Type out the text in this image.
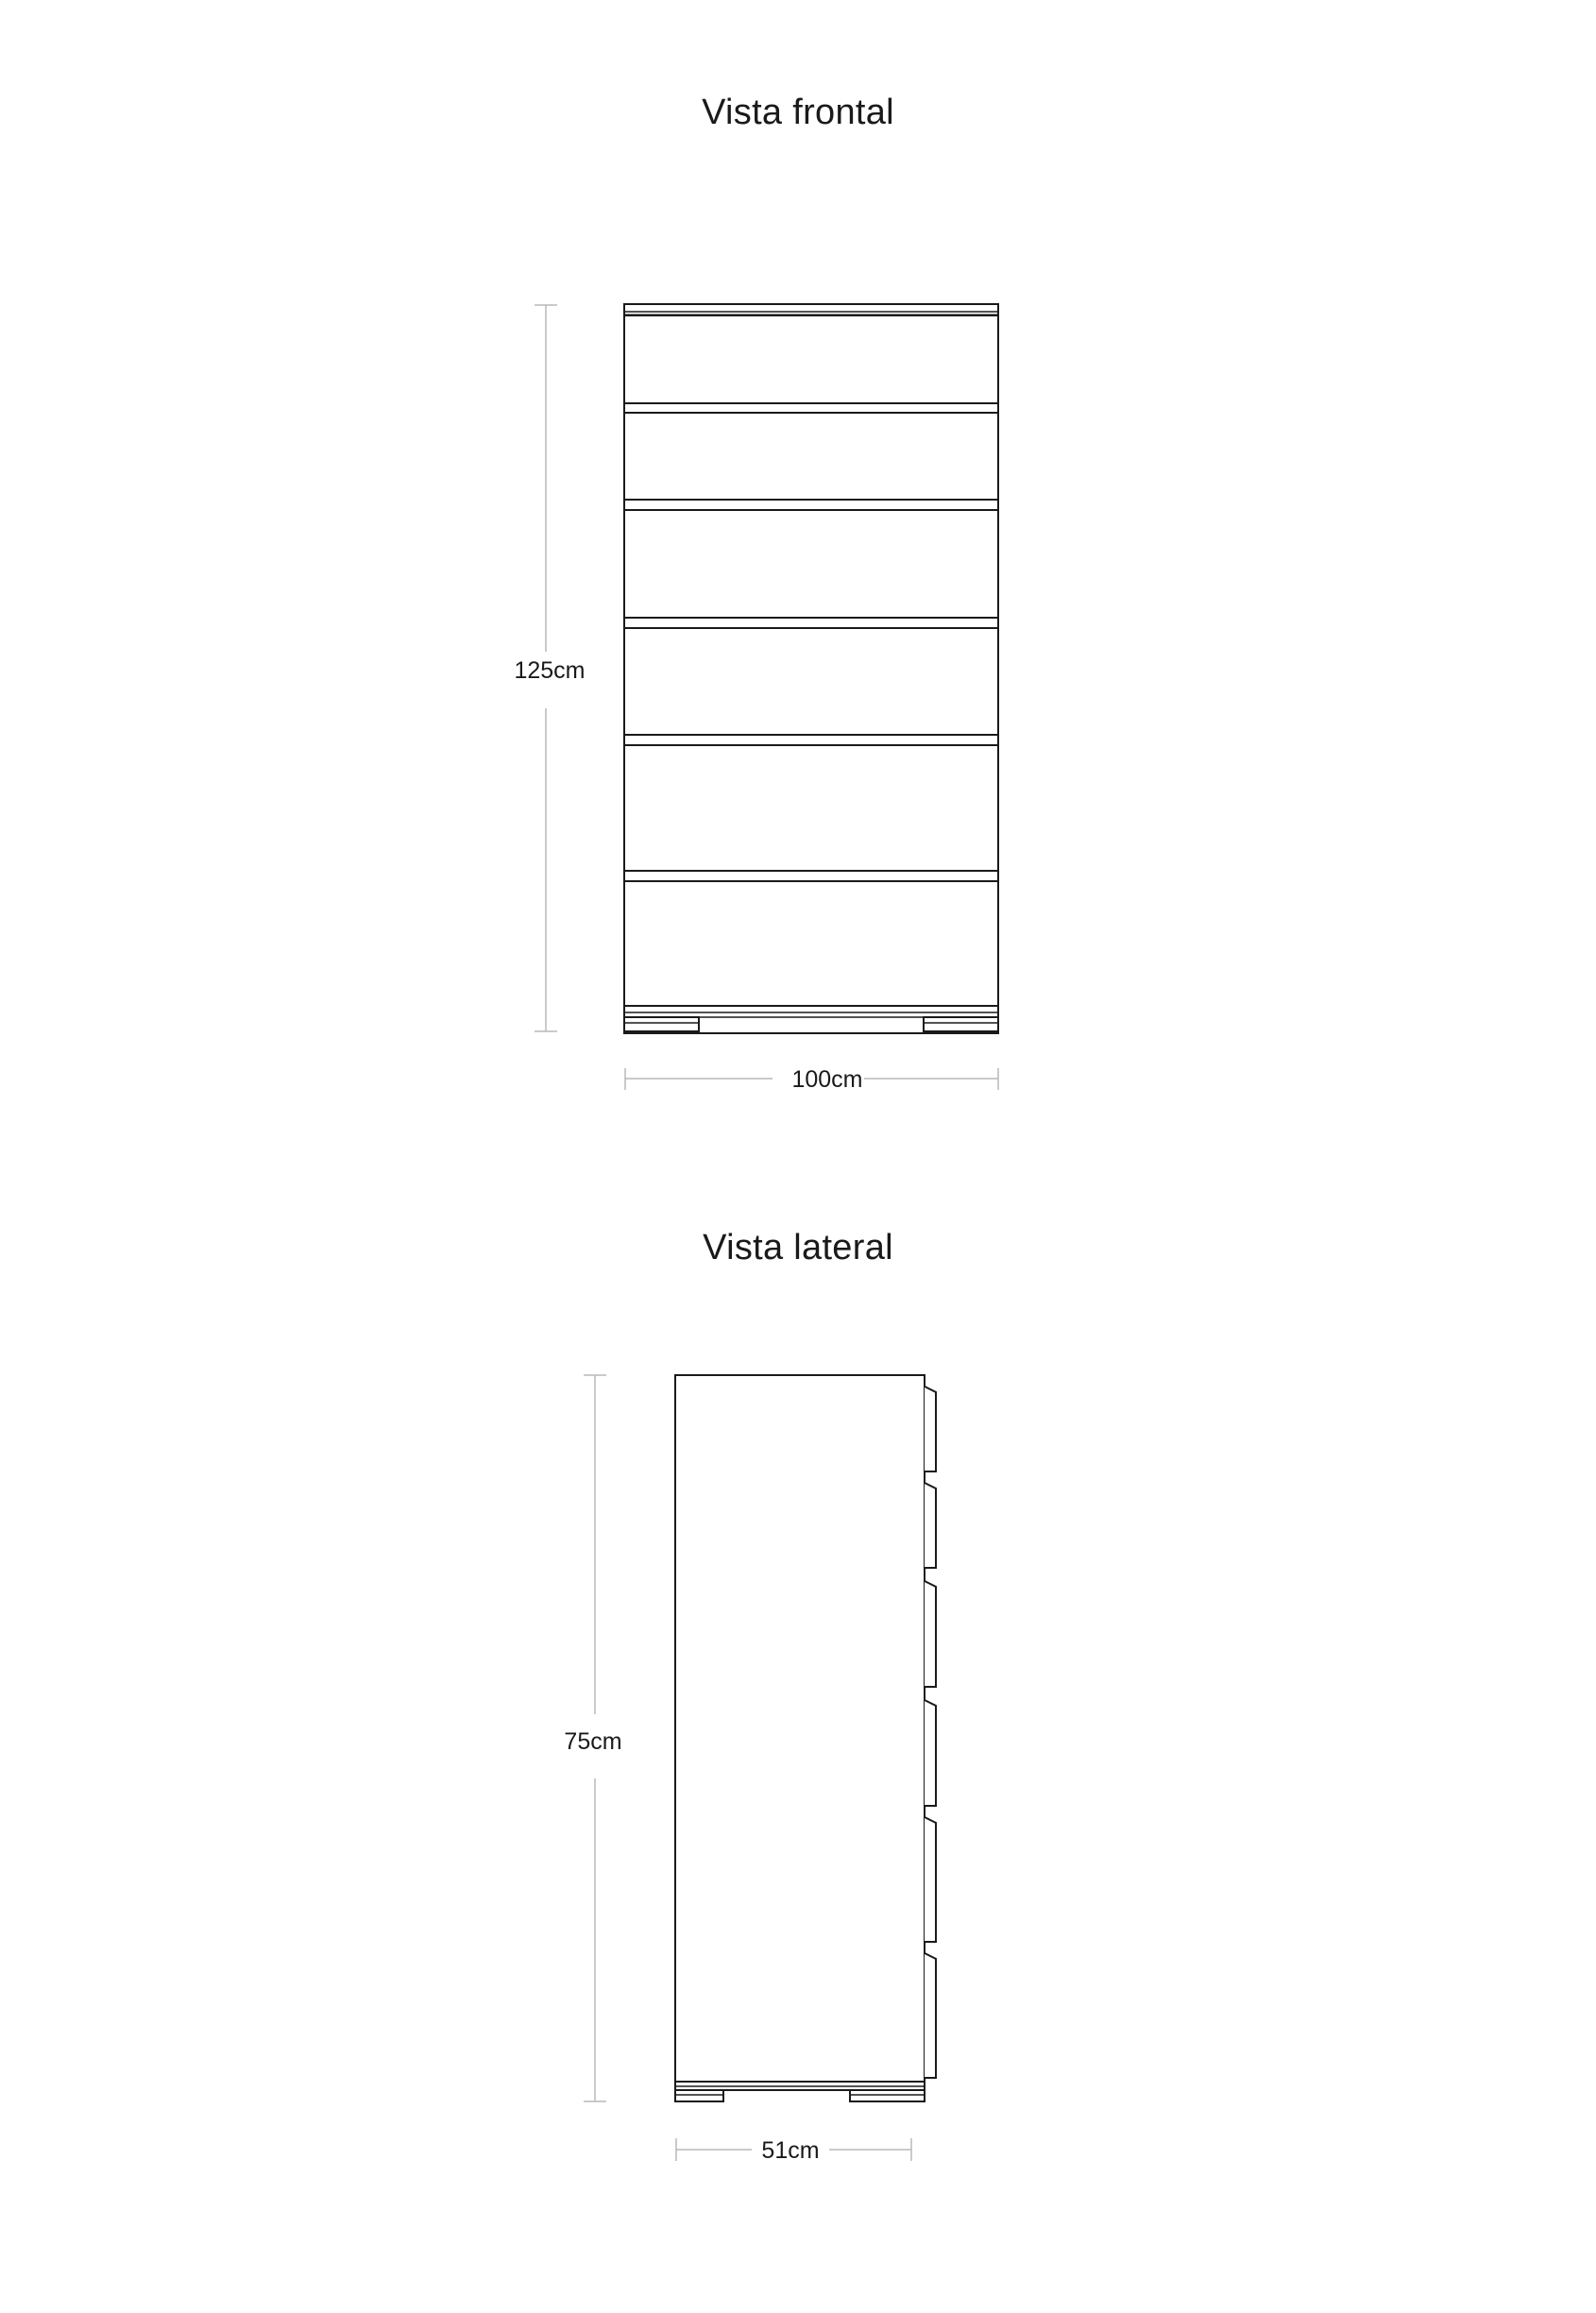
Vista frontal
Vista lateral
125cm
100cm
75cm
51cm
